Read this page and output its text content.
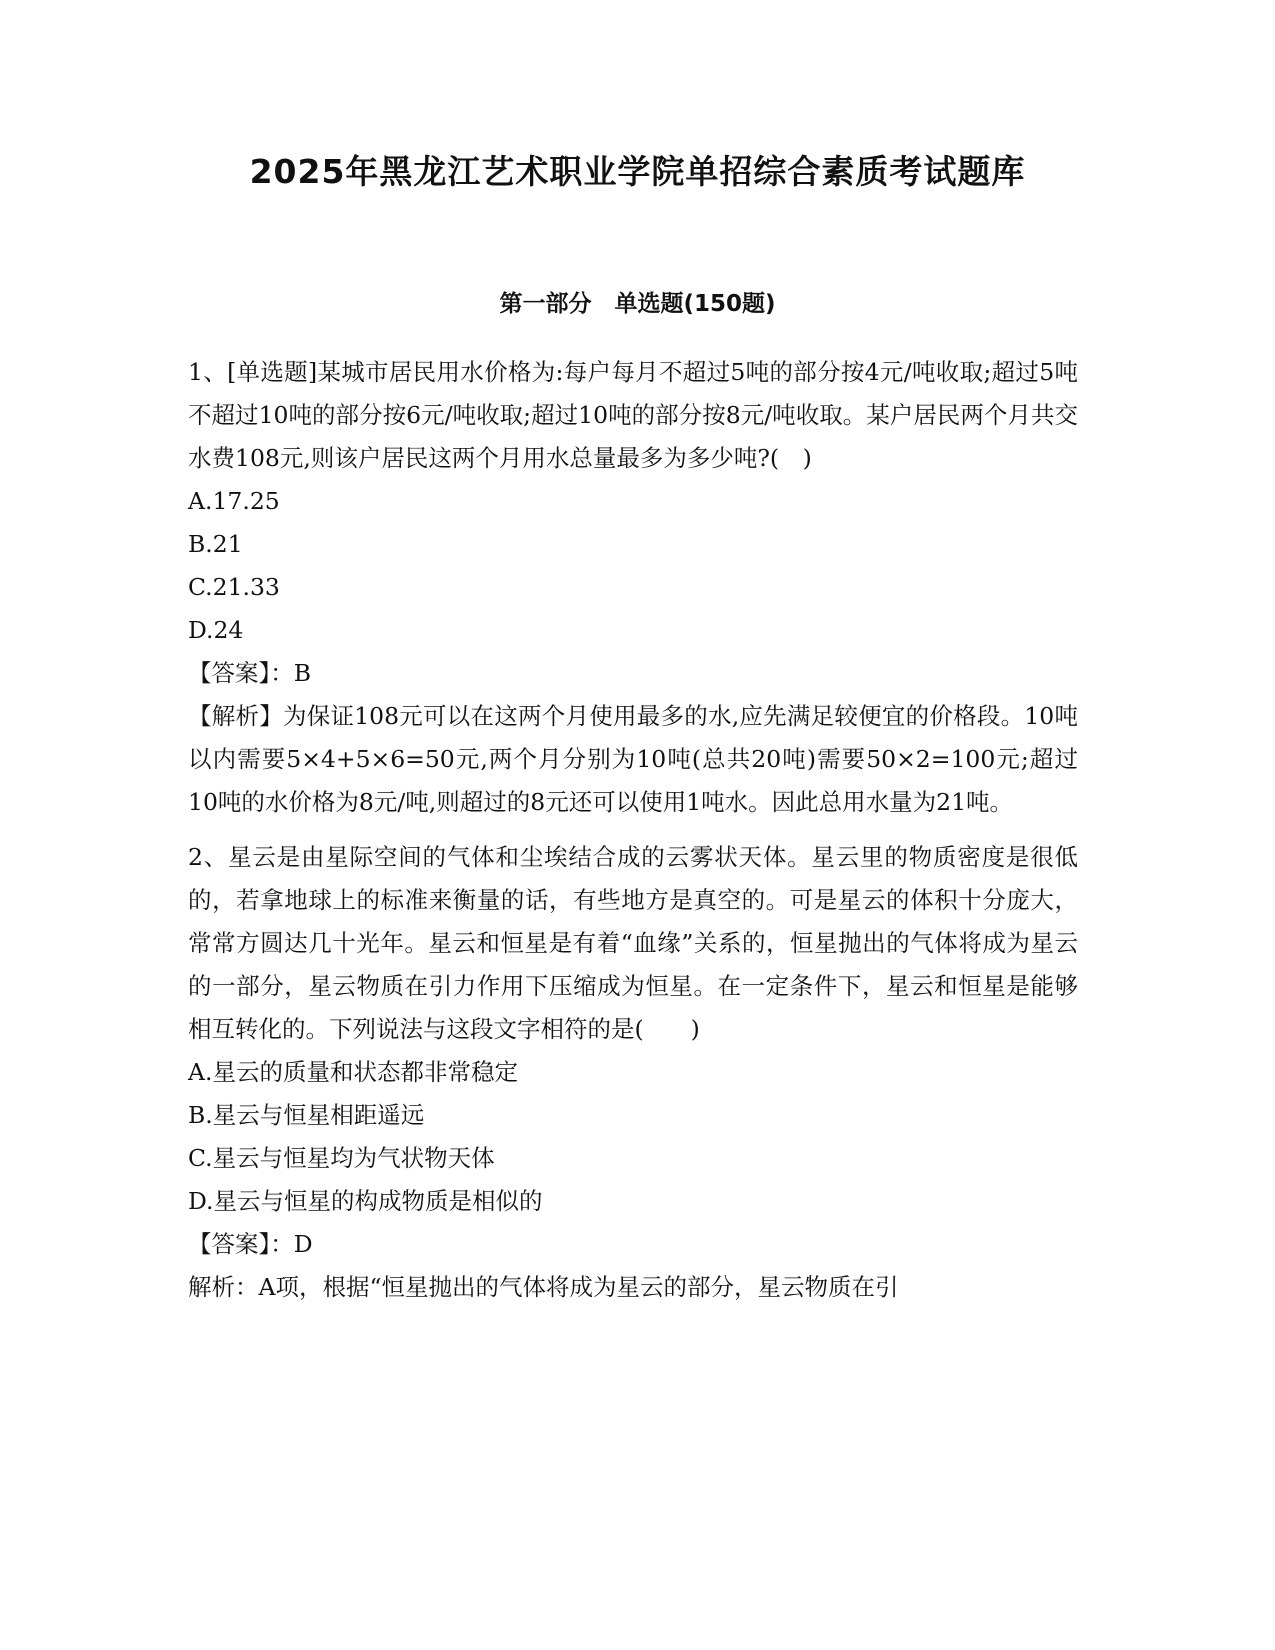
2025年黑龙江艺术职业学院单招综合素质考试题库
第一部分　单选题(150题)

1、[单选题]某城市居民用水价格为:每户每月不超过5吨的部分按4元/吨收取;超过5吨不超过10吨的部分按6元/吨收取;超过10吨的部分按8元/吨收取。某户居民两个月共交水费108元,则该户居民这两个月用水总量最多为多少吨?(　)

A.17.25

B.21

C.21.33

D.24

【答案】：B

【解析】为保证108元可以在这两个月使用最多的水,应先满足较便宜的价格段。10吨以内需要5×4+5×6=50元,两个月分别为10吨(总共20吨)需要50×2=100元;超过10吨的水价格为8元/吨,则超过的8元还可以使用1吨水。因此总用水量为21吨。

2、星云是由星际空间的气体和尘埃结合成的云雾状天体。星云里的物质密度是很低的，若拿地球上的标准来衡量的话，有些地方是真空的。可是星云的体积十分庞大，常常方圆达几十光年。星云和恒星是有着“血缘”关系的，恒星抛出的气体将成为星云的一部分，星云物质在引力作用下压缩成为恒星。在一定条件下，星云和恒星是能够相互转化的。下列说法与这段文字相符的是(　　)

A.星云的质量和状态都非常稳定

B.星云与恒星相距遥远

C.星云与恒星均为气状物天体

D.星云与恒星的构成物质是相似的

【答案】：D

解析：A项，根据“恒星抛出的气体将成为星云的部分，星云物质在引
